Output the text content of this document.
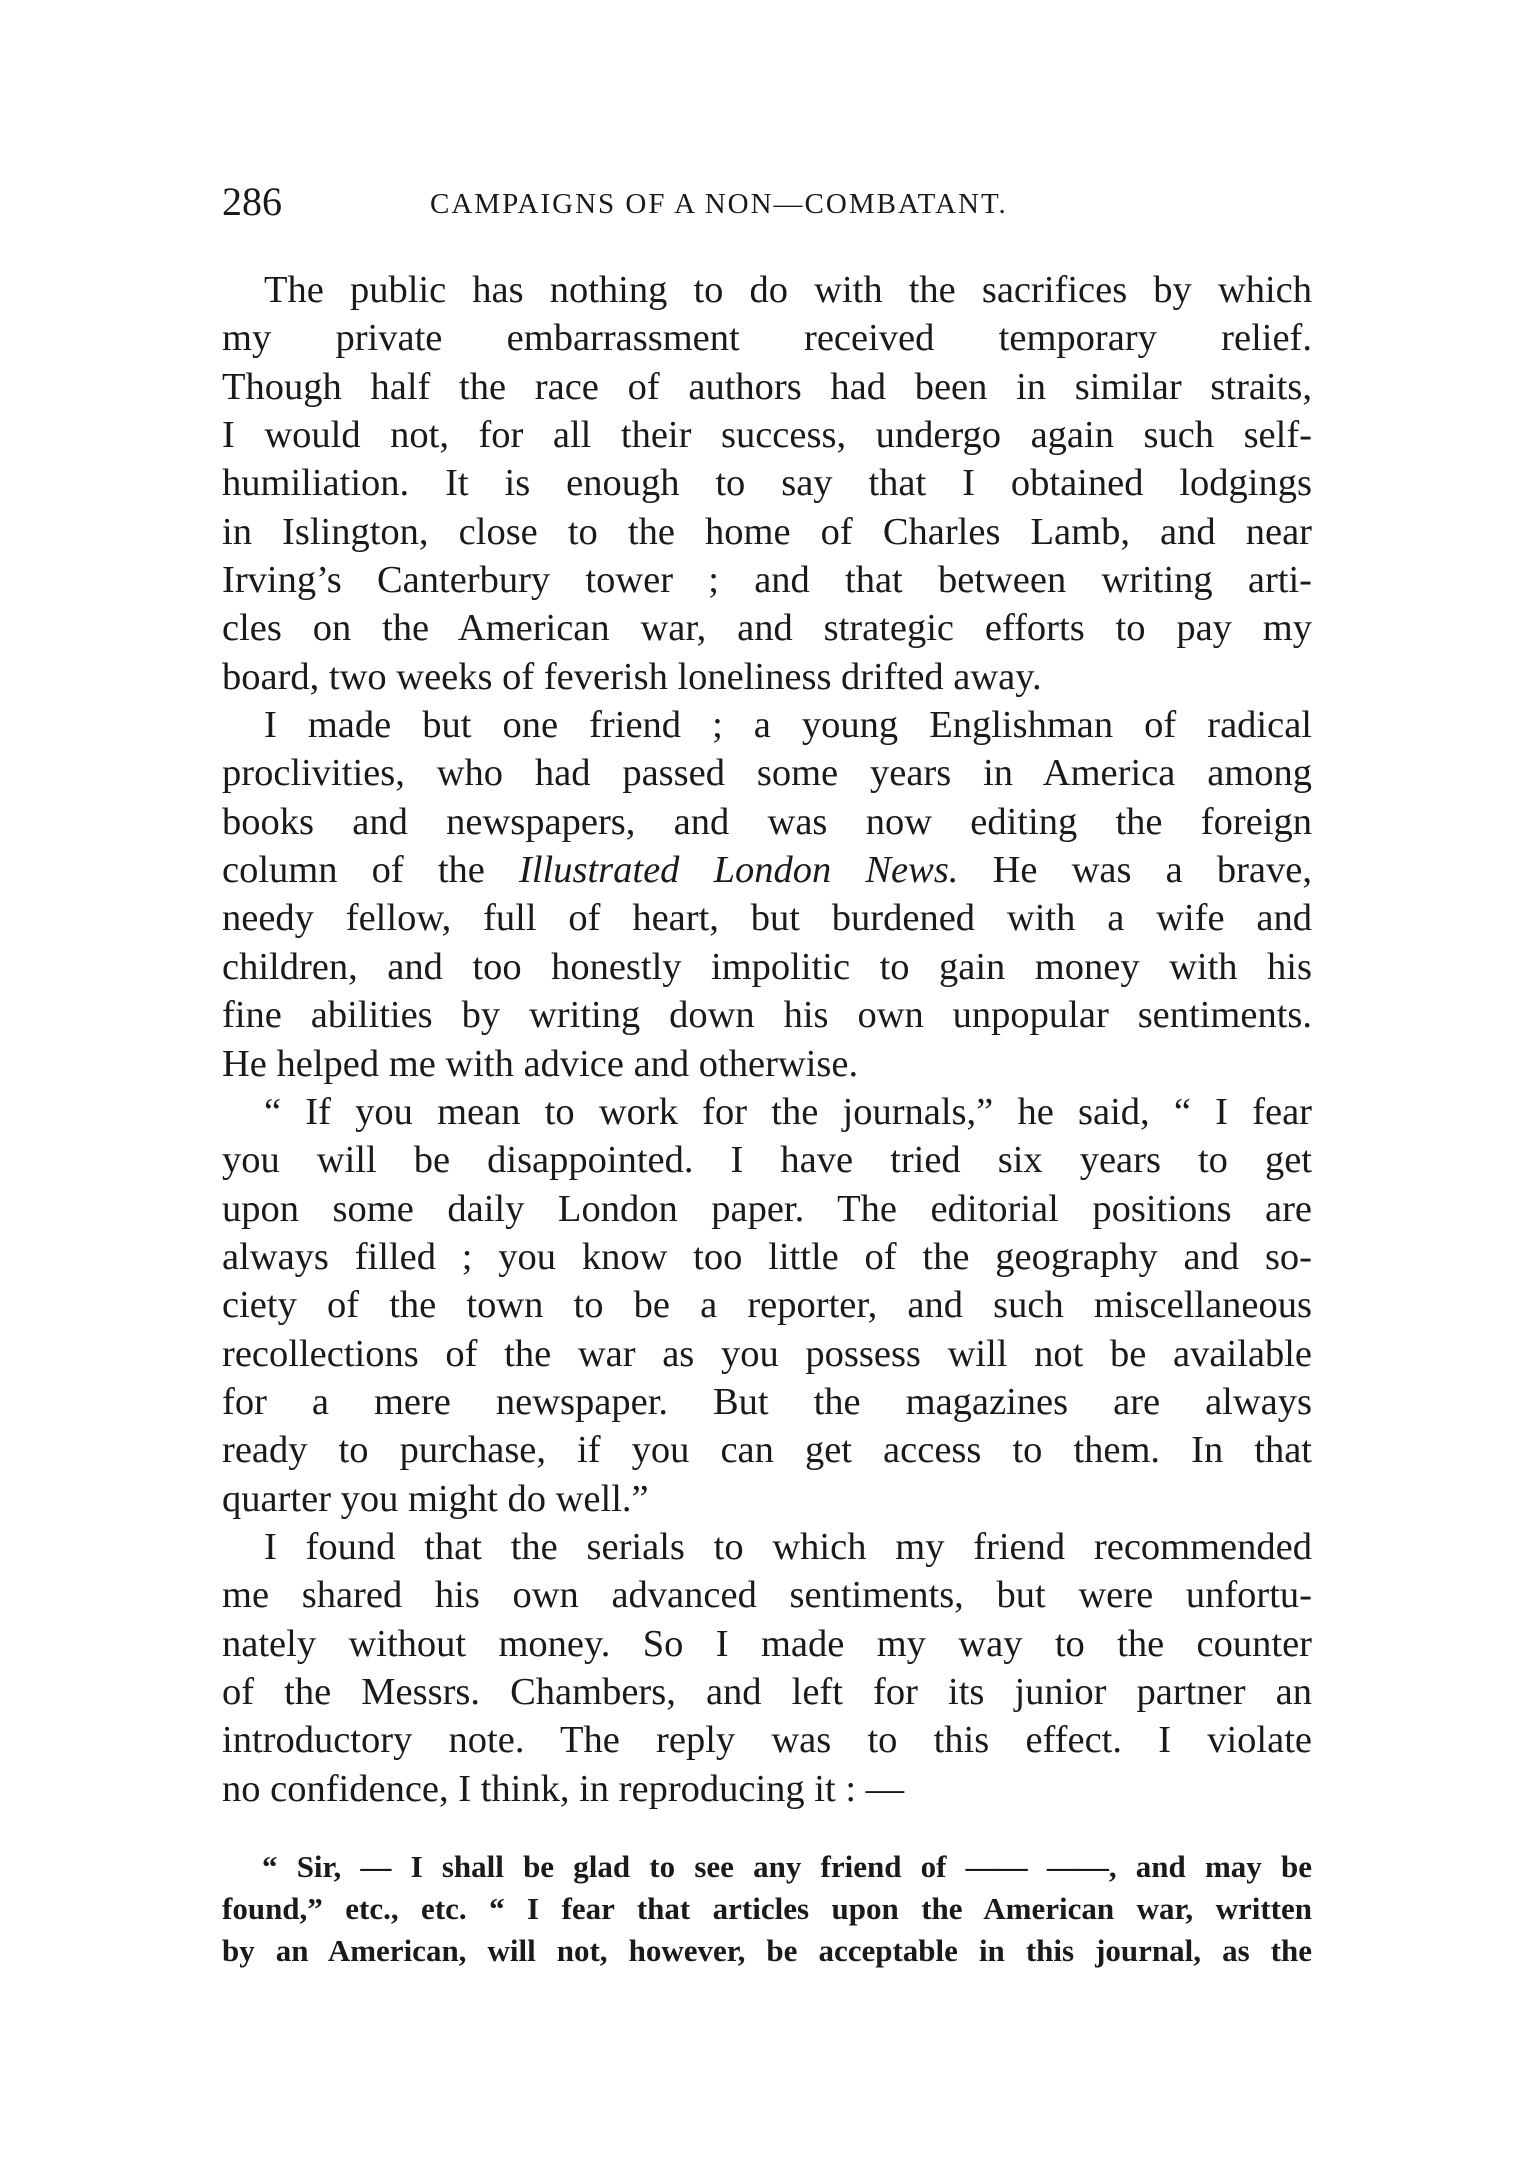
286	CAMPAIGNS OF A NON—COMBATANT.
The public has nothing to do with the sacrifices by which
my private embarrassment received temporary relief.
Though half the race of authors had been in similar straits,
I would not, for all their success, undergo again such self-
humiliation. It is enough to say that I obtained lodgings
in Islington, close to the home of Charles Lamb, and near
Irving’s Canterbury tower ; and that between writing arti-
cles on the American war, and strategic efforts to pay my
board, two weeks of feverish loneliness drifted away.
I made but one friend ; a young Englishman of radical
proclivities, who had passed some years in America among
books and newspapers, and was now editing the foreign
column of the Illustrated London News. He was a brave,
needy fellow, full of heart, but burdened with a wife and
children, and too honestly impolitic to gain money with his
fine abilities by writing down his own unpopular sentiments.
He helped me with advice and otherwise.
“ If you mean to work for the journals,” he said, “ I fear
you will be disappointed. I have tried six years to get
upon some daily London paper. The editorial positions are
always filled ; you know too little of the geography and so-
ciety of the town to be a reporter, and such miscellaneous
recollections of the war as you possess will not be available
for a mere newspaper. But the magazines are always
ready to purchase, if you can get access to them. In that
quarter you might do well.”
I found that the serials to which my friend recommended
me shared his own advanced sentiments, but were unfortu-
nately without money. So I made my way to the counter
of the Messrs. Chambers, and left for its junior partner an
introductory note. The reply was to this effect. I violate
no confidence, I think, in reproducing it : —
“ Sir, — I shall be glad to see any friend of —— ——, and may be
found,” etc., etc. “ I fear that articles upon the American war, written
by an American, will not, however, be acceptable in this journal, as the
